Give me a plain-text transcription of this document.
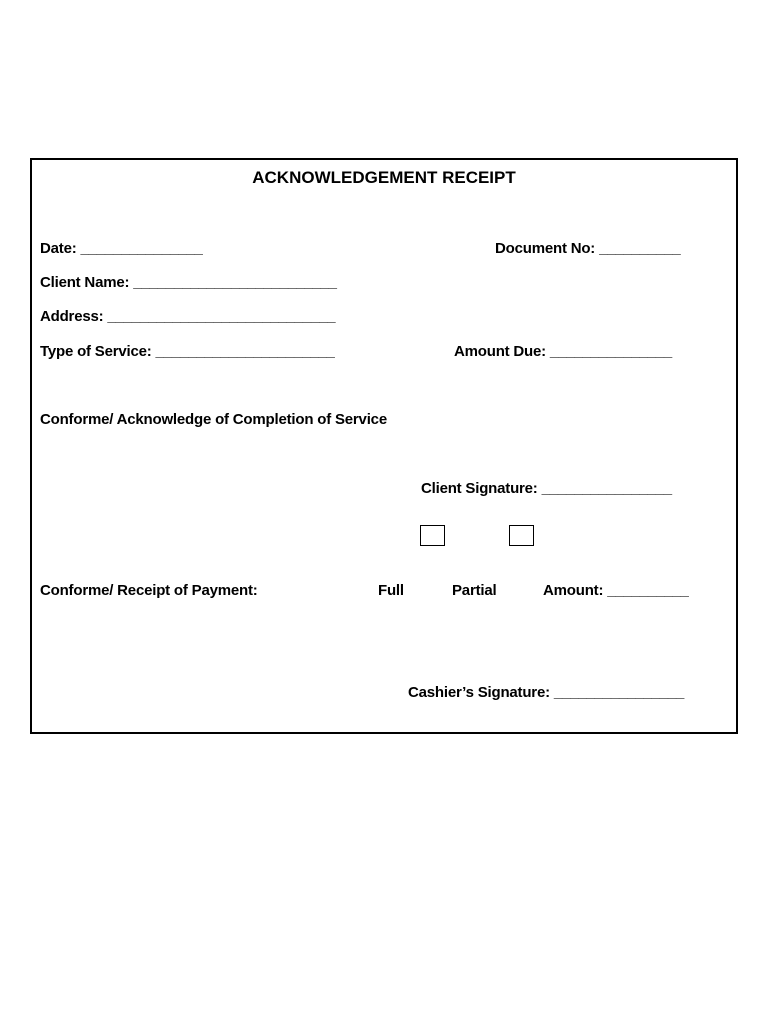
ACKNOWLEDGEMENT RECEIPT
Date: _______________	Document No: __________
Client Name: _________________________
Address: ____________________________
Type of Service: ______________________	Amount Due: _______________
Conforme/ Acknowledge of Completion of Service
Client Signature: ________________
Conforme/ Receipt of Payment:	Full	Partial	Amount: __________
Cashier’s Signature: ________________
